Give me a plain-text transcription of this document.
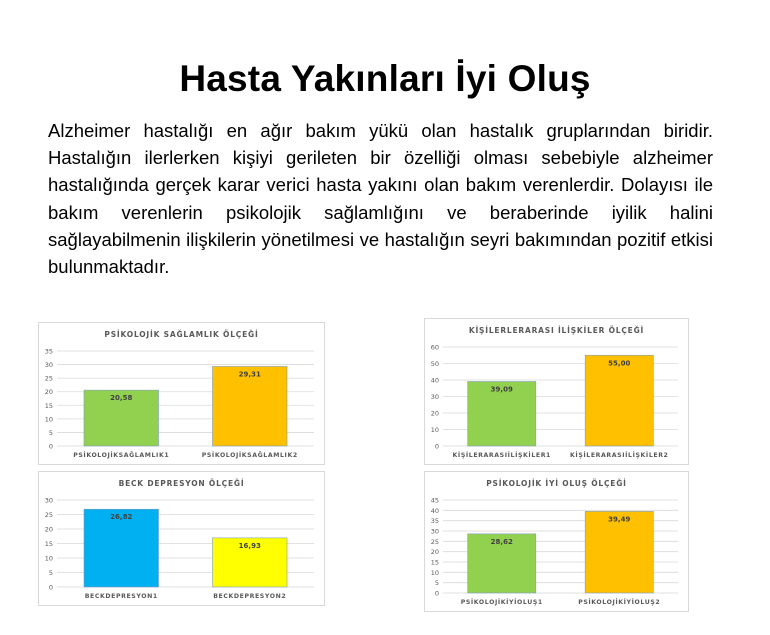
Hasta Yakınları İyi Oluş
Alzheimer hastalığı en ağır bakım yükü olan hastalık gruplarından biridir. Hastalığın ilerlerken kişiyi gerileten bir özelliği olması sebebiyle alzheimer hastalığında gerçek karar verici hasta yakını olan bakım verenlerdir. Dolayısı ile bakım verenlerin psikolojik sağlamlığını ve beraberinde iyilik halini sağlayabilmenin ilişkilerin yönetilmesi ve hastalığın seyri bakımından pozitif etkisi bulunmaktadır.
PSİKOLOJİK SAĞLAMLIK ÖLÇEĞİ
0
5
10
15
20
25
30
35
20,58
PSİKOLOJİKSAĞLAMLIK1
29,31
PSİKOLOJİKSAĞLAMLIK2
KİŞİLERLERARASI İLİŞKİLER ÖLÇEĞİ
0
10
20
30
40
50
60
39,09
KİŞİLERARASIİLİŞKİLER1
55,00
KİŞİLERARASIİLİŞKİLER2
BECK DEPRESYON ÖLÇEĞİ
0
5
10
15
20
25
30
26,82
BECKDEPRESYON1
16,93
BECKDEPRESYON2
PSİKOLOJİK İYİ OLUŞ ÖLÇEĞİ
0
5
10
15
20
25
30
35
40
45
28,62
PSİKOLOJİKİYİOLUŞ1
39,49
PSİKOLOJİKİYİOLUŞ2
